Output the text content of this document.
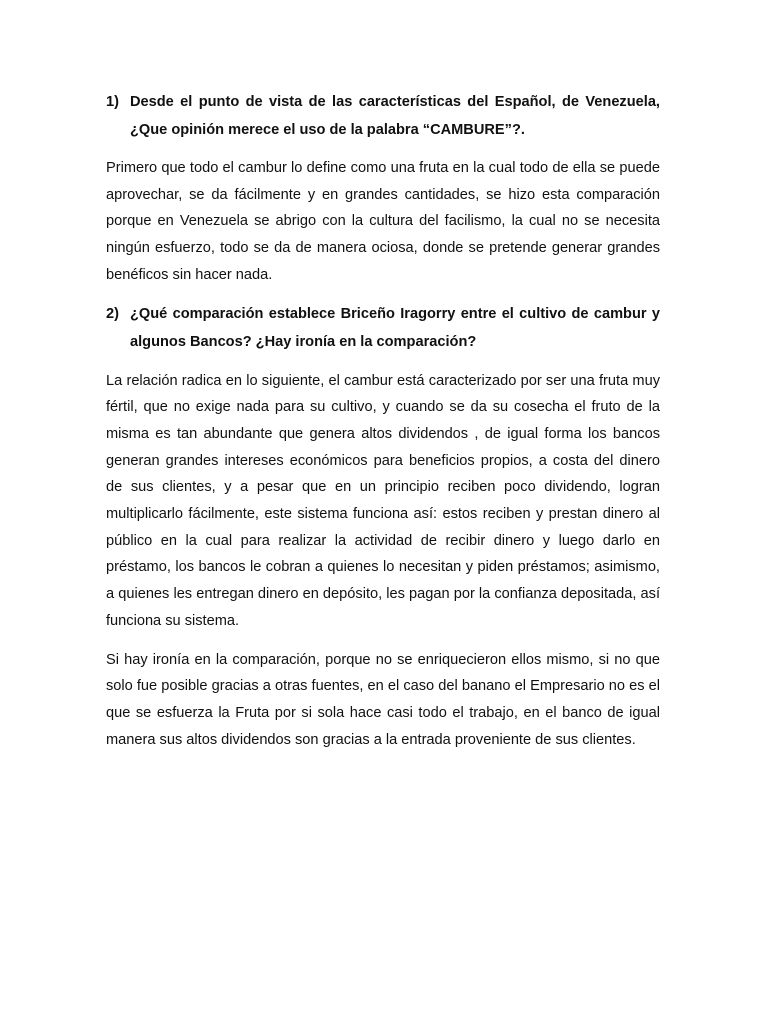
1) Desde el punto de vista de las características del Español, de Venezuela, ¿Que opinión merece el uso de la palabra “CAMBURE”?.

Primero que todo el cambur lo define como una fruta en la cual todo de ella se puede aprovechar, se da fácilmente y en grandes cantidades, se hizo esta comparación porque en Venezuela se abrigo con la cultura del facilismo, la cual no se necesita ningún esfuerzo, todo se da de manera ociosa, donde se pretende generar grandes benéficos sin hacer nada.

2) ¿Qué comparación establece Briceño Iragorry entre el cultivo de cambur y algunos Bancos? ¿Hay ironía en la comparación?

La relación radica en lo siguiente, el cambur está caracterizado por ser una fruta muy fértil, que no exige nada para su cultivo, y cuando se da su cosecha el fruto de la misma es tan abundante que genera altos dividendos , de igual forma los bancos generan grandes intereses económicos para beneficios propios, a costa del dinero de sus clientes, y a pesar que en un principio reciben poco dividendo, logran multiplicarlo fácilmente, este sistema funciona así: estos reciben y prestan dinero al público en la cual para realizar la actividad de recibir dinero y luego darlo en préstamo, los bancos le cobran a quienes lo necesitan y piden préstamos; asimismo, a quienes les entregan dinero en depósito, les pagan por la confianza depositada, así funciona su sistema.

Si hay ironía en la comparación, porque no se enriquecieron ellos mismo, si no que solo fue posible gracias a otras fuentes, en el caso del banano el Empresario no es el que se esfuerza la Fruta por si sola hace casi todo el trabajo, en el banco de igual manera sus altos dividendos son gracias a la entrada proveniente de sus clientes.
